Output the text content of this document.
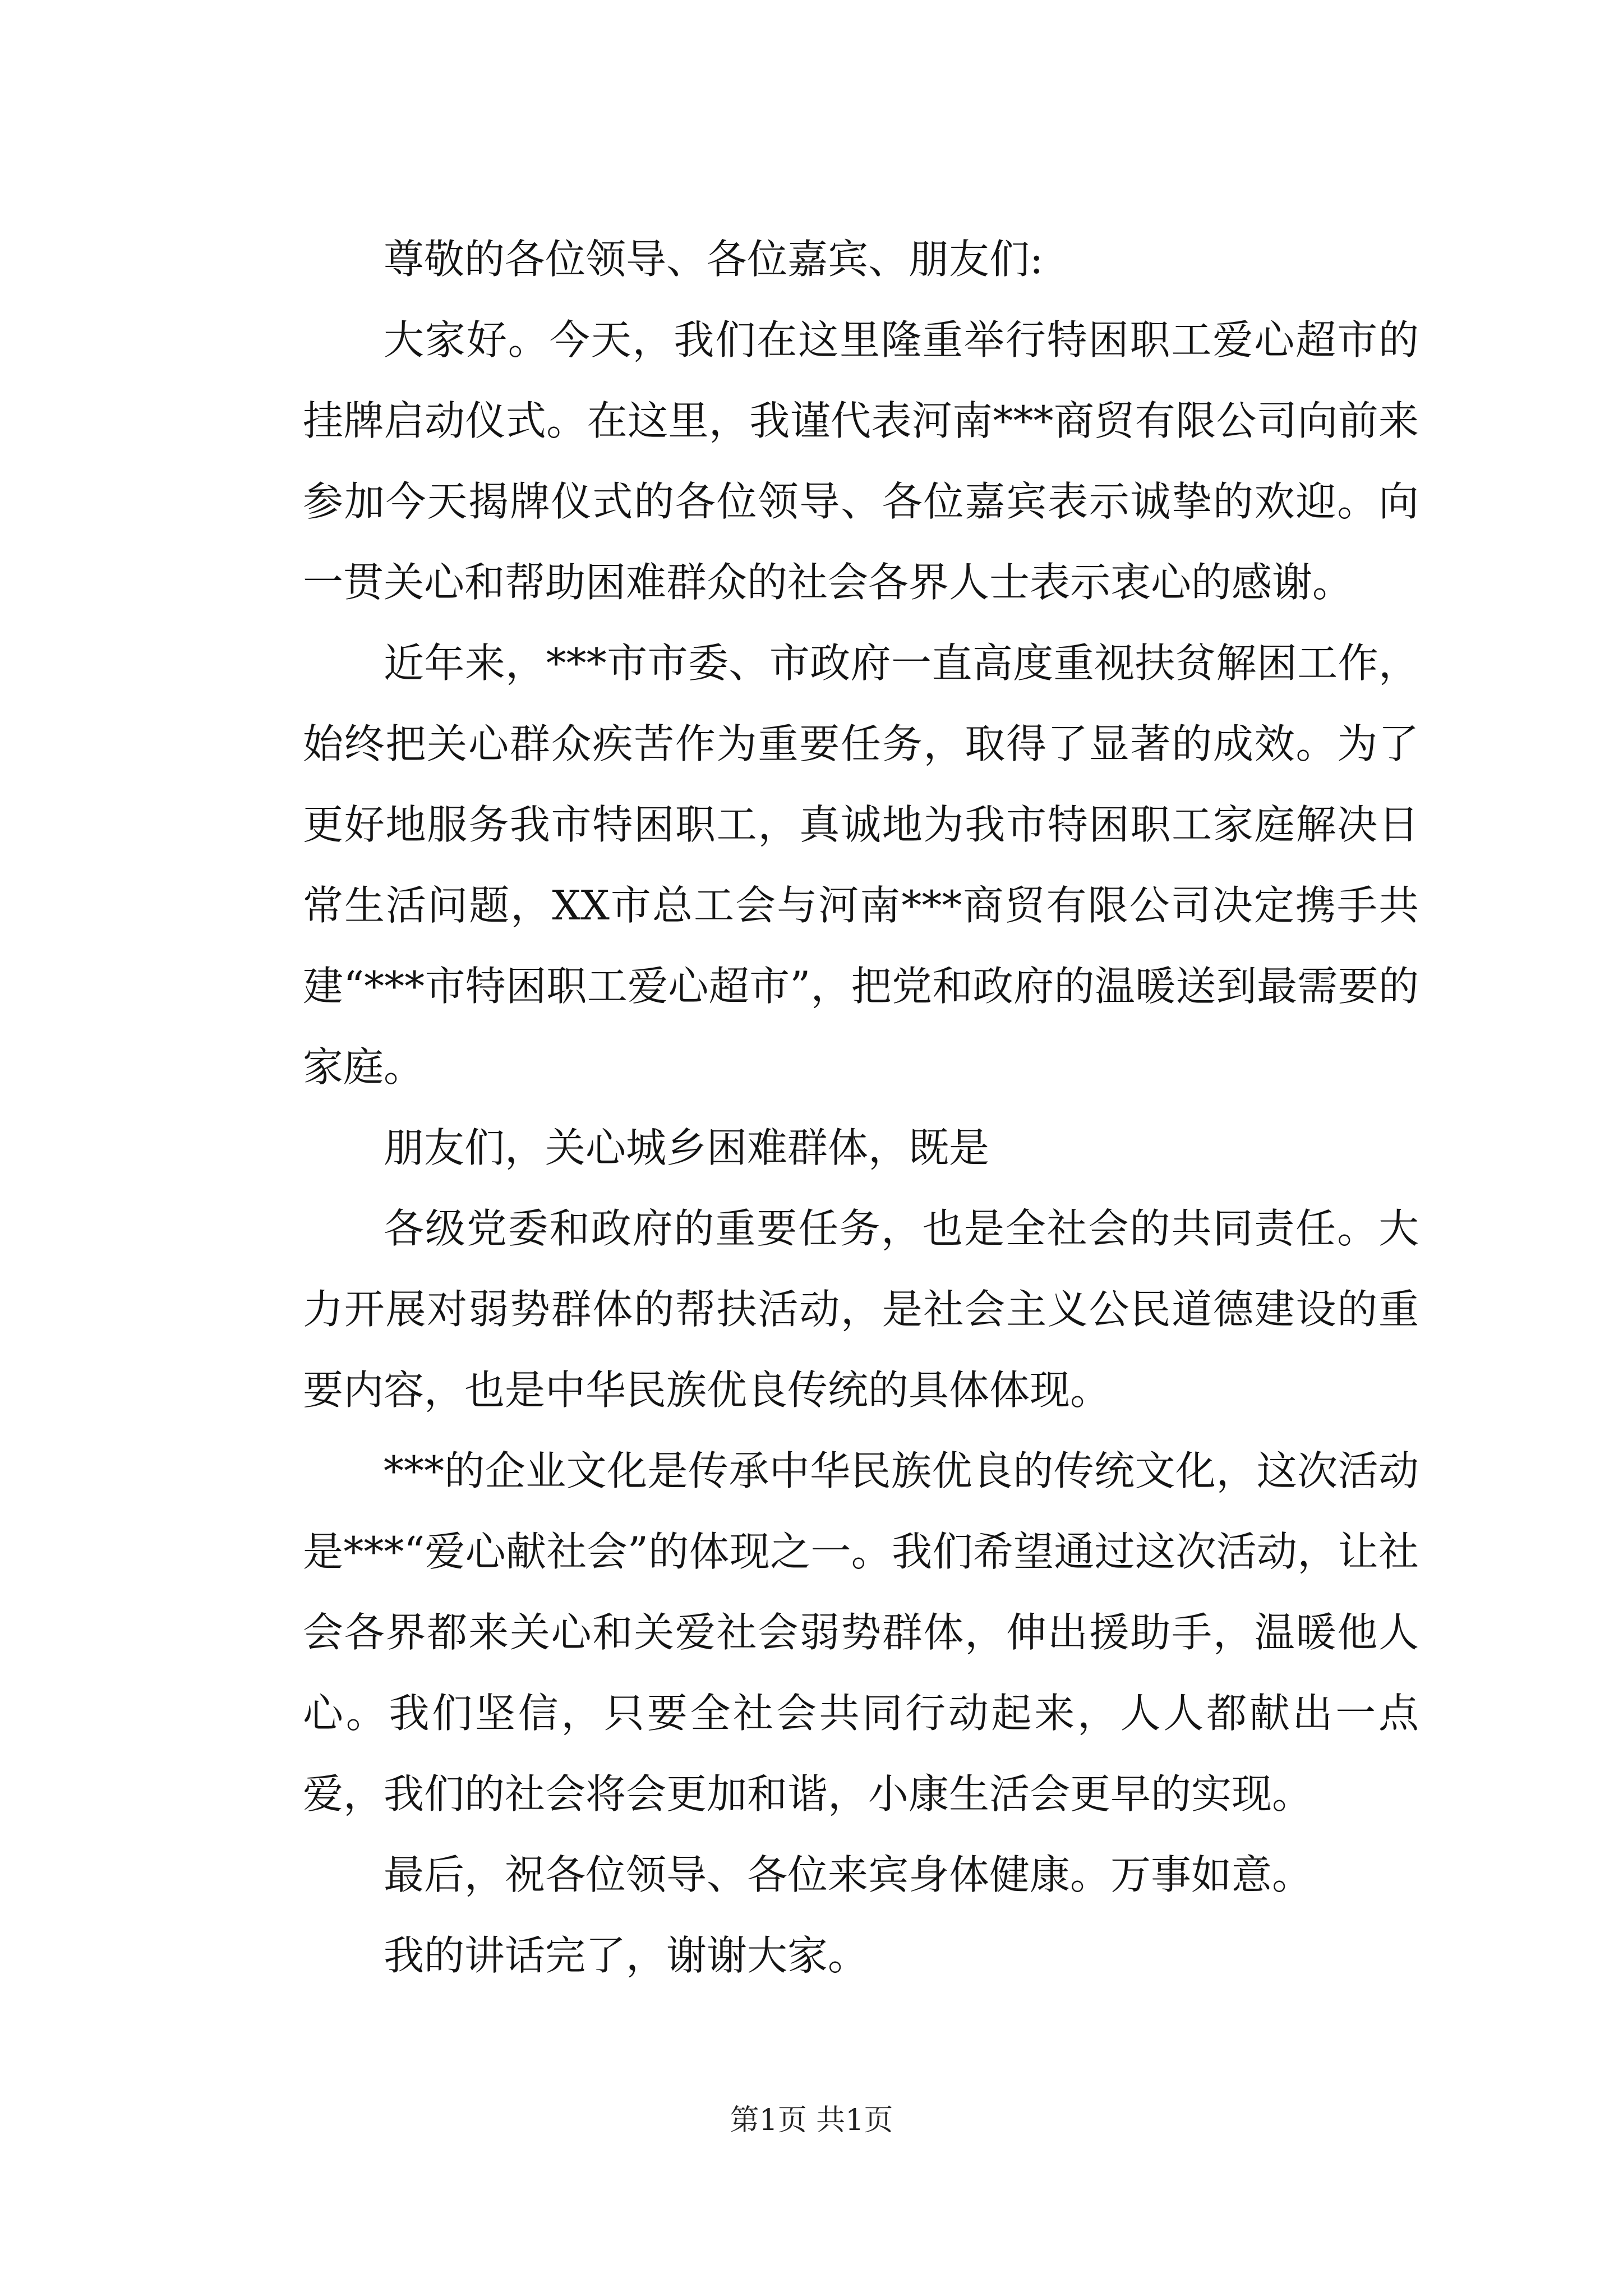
尊敬的各位领导、各位嘉宾、朋友们:

大家好。今天，我们在这里隆重举行特困职工爱心超市的挂牌启动仪式。在这里，我谨代表河南***商贸有限公司向前来参加今天揭牌仪式的各位领导、各位嘉宾表示诚挚的欢迎。向一贯关心和帮助困难群众的社会各界人士表示衷心的感谢。

近年来，***市市委、市政府一直高度重视扶贫解困工作，始终把关心群众疾苦作为重要任务，取得了显著的成效。为了更好地服务我市特困职工，真诚地为我市特困职工家庭解决日常生活问题，XX市总工会与河南***商贸有限公司决定携手共建“***市特困职工爱心超市”，把党和政府的温暖送到最需要的家庭。

朋友们，关心城乡困难群体，既是

各级党委和政府的重要任务，也是全社会的共同责任。大力开展对弱势群体的帮扶活动，是社会主义公民道德建设的重要内容，也是中华民族优良传统的具体体现。

***的企业文化是传承中华民族优良的传统文化，这次活动是***“爱心献社会”的体现之一。我们希望通过这次活动，让社会各界都来关心和关爱社会弱势群体，伸出援助手，温暖他人心。我们坚信，只要全社会共同行动起来，人人都献出一点爱，我们的社会将会更加和谐，小康生活会更早的实现。

最后，祝各位领导、各位来宾身体健康。万事如意。

我的讲话完了，谢谢大家。

第1页 共1页
